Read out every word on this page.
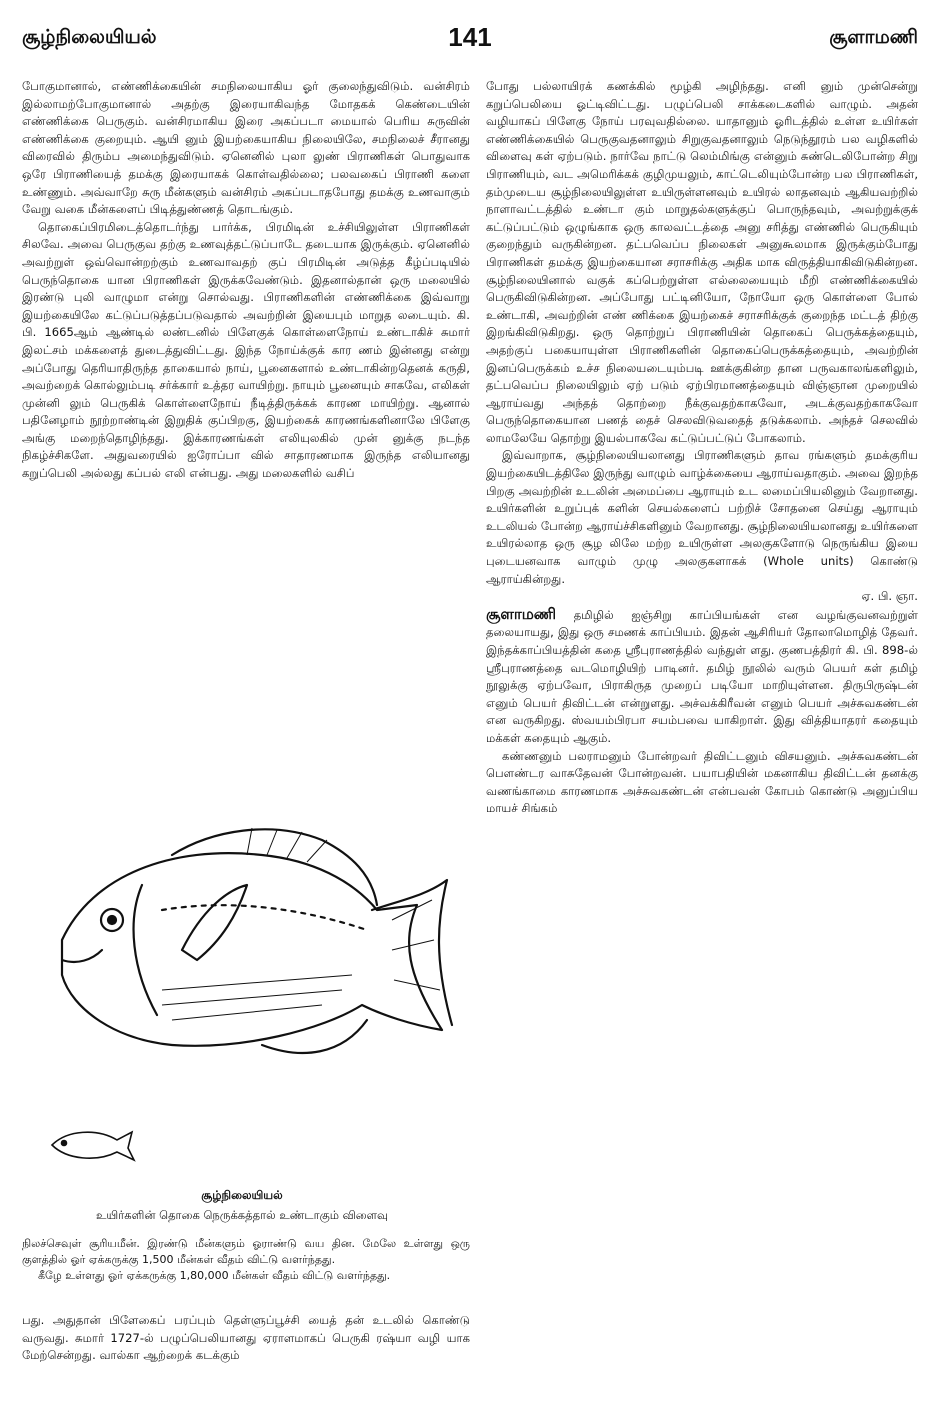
சூழ்நிலையியல்	141	சூளாமணி

போகுமானால், எண்ணிக்கையின் சமநிலையாகிய ஓர் குலைந்துவிடும். வன்சிரம் இல்லாமற்போகுமானால் அதற்கு இரையாகிவந்த மோதகக் கெண்டையின் எண்ணிக்கை பெருகும். வன்சிரமாகிய இரை அகப்படா மையால் பெரிய சுருவின் எண்ணிக்கை குறையும். ஆயி னும் இயற்கையாகிய நிலையிலே, சமநிலைச் சீரானது விரைவில் திரும்ப அமைந்துவிடும். ஏனெனில் புலா லுண் பிராணிகள் பொதுவாக ஒரே பிராணியைத் தமக்கு இரையாகக் கொள்வதில்லை; பலவகைப் பிராணி களை உண்ணும். அவ்வாறே சுரு மீன்களும் வன்சிரம் அகப்படாதபோது தமக்கு உணவாகும் வேறு வகை மீன்களைப் பிடித்துண்ணத் தொடங்கும்.

தொகைப்பிரமிடைத்தொடர்ந்து பார்க்க, பிரமிடின் உச்சியிலுள்ள பிராணிகள் சிலவே. அவை பெருகுவ தற்கு உணவுத்தட்டுப்பாடே தடையாக இருக்கும். ஏனெனில் அவற்றுள் ஒவ்வொன்றற்கும் உணவாவதற் குப் பிரமிடின் அடுத்த கீழ்ப்படியில் பெருந்தொகை யான பிராணிகள் இருக்கவேண்டும். இதனால்தான் ஒரு மலையில் இரண்டு புலி வாழுமா என்று சொல்வது. பிராணிகளின் எண்ணிக்கை இவ்வாறு இயற்கையிலே கட்டுப்படுத்தப்படுவதால் அவற்றின் இயைபும் மாறுத லடையும். கி. பி. 1665ஆம் ஆண்டில் லண்டனில் பிளேகுக் கொள்ளைநோய் உண்டாகிச் சுமார் இலட்சம் மக்களைத் துடைத்துவிட்டது. இந்த நோய்க்குக் கார ணம் இன்னது என்று அப்போது தெரியாதிருந்த தாகையால் நாய், பூனைகளால் உண்டாகின்றதெனக் கருதி, அவற்றைக் கொல்லும்படி சர்க்கார் உத்தர வாயிற்று. நாயும் பூனையும் சாகவே, எலிகள் முன்னி லும் பெருகிக் கொள்ளைநோய் நீடித்திருக்கக் காரண மாயிற்று. ஆனால் பதினேழாம் நூற்றாண்டின் இறுதிக் குப்பிறகு, இயற்கைக் காரணங்களினாலே பிளேகு அங்கு மறைந்தொழிந்தது. இக்காரணங்கள் எலியுலகில் முன் னுக்கு நடந்த நிகழ்ச்சிகளே. அதுவரையில் ஐரோப்பா வில் சாதாரணமாக இருந்த எலியானது கறுப்பெலி அல்லது கப்பல் எலி என்பது. அது மலைகளில் வசிப்

சூழ்நிலையியல்
உயிர்களின் தொகை நெருக்கத்தால் உண்டாகும் விளைவு

நிலச்செவுள் சூரியமீன். இரண்டு மீன்களும் ஓராண்டு வய தின. மேலே உள்ளது ஒரு குளத்தில் ஓர் ஏக்கருக்கு 1,500 மீன்கள் வீதம் விட்டு வளர்ந்தது.

கீழே உள்ளது ஓர் ஏக்கருக்கு 1,80,000 மீன்கள் வீதம் விட்டு வளர்ந்தது.

பது. அதுதான் பிளேகைப் பரப்பும் தெள்ளுப்பூச்சி யைத் தன் உடலில் கொண்டு வருவது. சுமார் 1727-ல் பழுப்பெலியானது ஏராளமாகப் பெருகி ரஷ்யா வழி யாக மேற்சென்றது. வால்கா ஆற்றைக் கடக்கும்

போது பல்லாயிரக் கணக்கில் மூழ்கி அழிந்தது. எனி னும் முன்சென்று கறுப்பெலியை ஓட்டிவிட்டது. பழுப்பெலி சாக்கடைகளில் வாழும். அதன் வழியாகப் பிளேகு நோய் பரவுவதில்லை. யாதானும் ஓரிடத்தில் உள்ள உயிர்கள் எண்ணிக்கையில் பெருகுவதனாலும் சிறுகுவதனாலும் நெடுந்தூரம் பல வழிகளில் விளைவு கள் ஏற்படும். நார்வே நாட்டு லெம்மிங்கு என்னும் சுண்டெலிபோன்ற சிறு பிராணியும், வட அமெரிக்கக் குழிமுயலும், காட்டெலியும்போன்ற பல பிராணிகள், தம்முடைய சூழ்நிலையிலுள்ள உயிருள்ளனவும் உயிரல் லாதனவும் ஆகியவற்றில் நாளாவட்டத்தில் உண்டா கும் மாறுதல்களுக்குப் பொருந்தவும், அவற்றுக்குக் கட்டுப்பட்டும் ஒழுங்காக ஒரு காலவட்டத்தை அனு சரித்து எண்ணில் பெருகியும் குறைந்தும் வருகின்றன. தட்பவெப்ப நிலைகள் அனுகூலமாக இருக்கும்போது பிராணிகள் தமக்கு இயற்கையான சராசரிக்கு அதிக மாக விருத்தியாகிவிடுகின்றன. சூழ்நிலையினால் வகுக் கப்பெற்றுள்ள எல்லையையும் மீறி எண்ணிக்கையில் பெருகிவிடுகின்றன. அப்போது பட்டினியோ, நோயோ ஒரு கொள்ளை போல் உண்டாகி, அவற்றின் எண் ணிக்கை இயற்கைச் சராசரிக்குக் குறைந்த மட்டத் திற்கு இறங்கிவிடுகிறது. ஒரு தொற்றுப் பிராணியின் தொகைப் பெருக்கத்தையும், அதற்குப் பகையாயுள்ள பிராணிகளின் தொகைப்பெருக்கத்தையும், அவற்றின் இனப்பெருக்கம் உச்ச நிலையடையும்படி ஊக்குகின்ற தான பருவகாலங்களிலும், தட்பவெப்ப நிலையிலும் ஏற் படும் ஏற்பிரமாணத்தையும் விஞ்ஞான முறையில் ஆராய்வது அந்தத் தொற்றை நீக்குவதற்காகவோ, அடக்குவதற்காகவோ பெருந்தொகையான பணத் தைச் செலவிடுவதைத் தடுக்கலாம். அந்தச் செலவில் லாமலேயே தொற்று இயல்பாகவே கட்டுப்பட்டுப் போகலாம்.

இவ்வாறாக, சூழ்நிலையியலானது பிராணிகளும் தாவ ரங்களும் தமக்குரிய இயற்கையிடத்திலே இருந்து வாழும் வாழ்க்கையை ஆராய்வதாகும். அவை இறந்த பிறகு அவற்றின் உடலின் அமைப்பை ஆராயும் உட லமைப்பியலினும் வேறானது. உயிர்களின் உறுப்புக் களின் செயல்களைப் பற்றிச் சோதனை செய்து ஆராயும் உடலியல் போன்ற ஆராய்ச்சிகளினும் வேறானது. சூழ்நிலையியலானது உயிர்களை உயிரல்லாத ஒரு சூழ லிலே மற்ற உயிருள்ள அலகுகளோடு நெருங்கிய இயை புடையனவாக வாழும் முழு அலகுகளாகக் (Whole units) கொண்டு ஆராய்கின்றது.

ஏ. பி. ஞா.

சூளாமணி தமிழில் ஐஞ்சிறு காப்பியங்கள் என வழங்குவனவற்றுள் தலையாயது, இது ஒரு சமணக் காப்பியம். இதன் ஆசிரியர் தோலாமொழித் தேவர். இந்தக்காப்பியத்தின் கதை ஸ்ரீபுராணத்தில் வந்துள் ளது. குணபத்திரர் கி. பி. 898-ல் ஸ்ரீபுராணத்தை வடமொழியிற் பாடினர். தமிழ் நூலில் வரும் பெயர் கள் தமிழ் நூலுக்கு ஏற்பவோ, பிராகிருத முறைப் படியோ மாறியுள்ளன. திருபிருஷ்டன் எனும் பெயர் திவிட்டன் என்றுளது. அச்வக்கிரீவன் எனும் பெயர் அச்சுவகண்டன் என வருகிறது. ஸ்வயம்பிரபா சயம்பவை யாகிறாள். இது வித்தியாதரர் கதையும் மக்கள் கதையும் ஆகும்.

கண்ணனும் பலராமனும் போன்றவர் திவிட்டனும் விசயனும். அச்சுவகண்டன் பௌண்டர வாசுதேவன் போன்றவன். பயாபதியின் மகனாகிய திவிட்டன் தனக்கு வணங்காமை காரணமாக அச்சுவகண்டன் என்பவன் கோபம் கொண்டு அனுப்பிய மாயச் சிங்கம்
